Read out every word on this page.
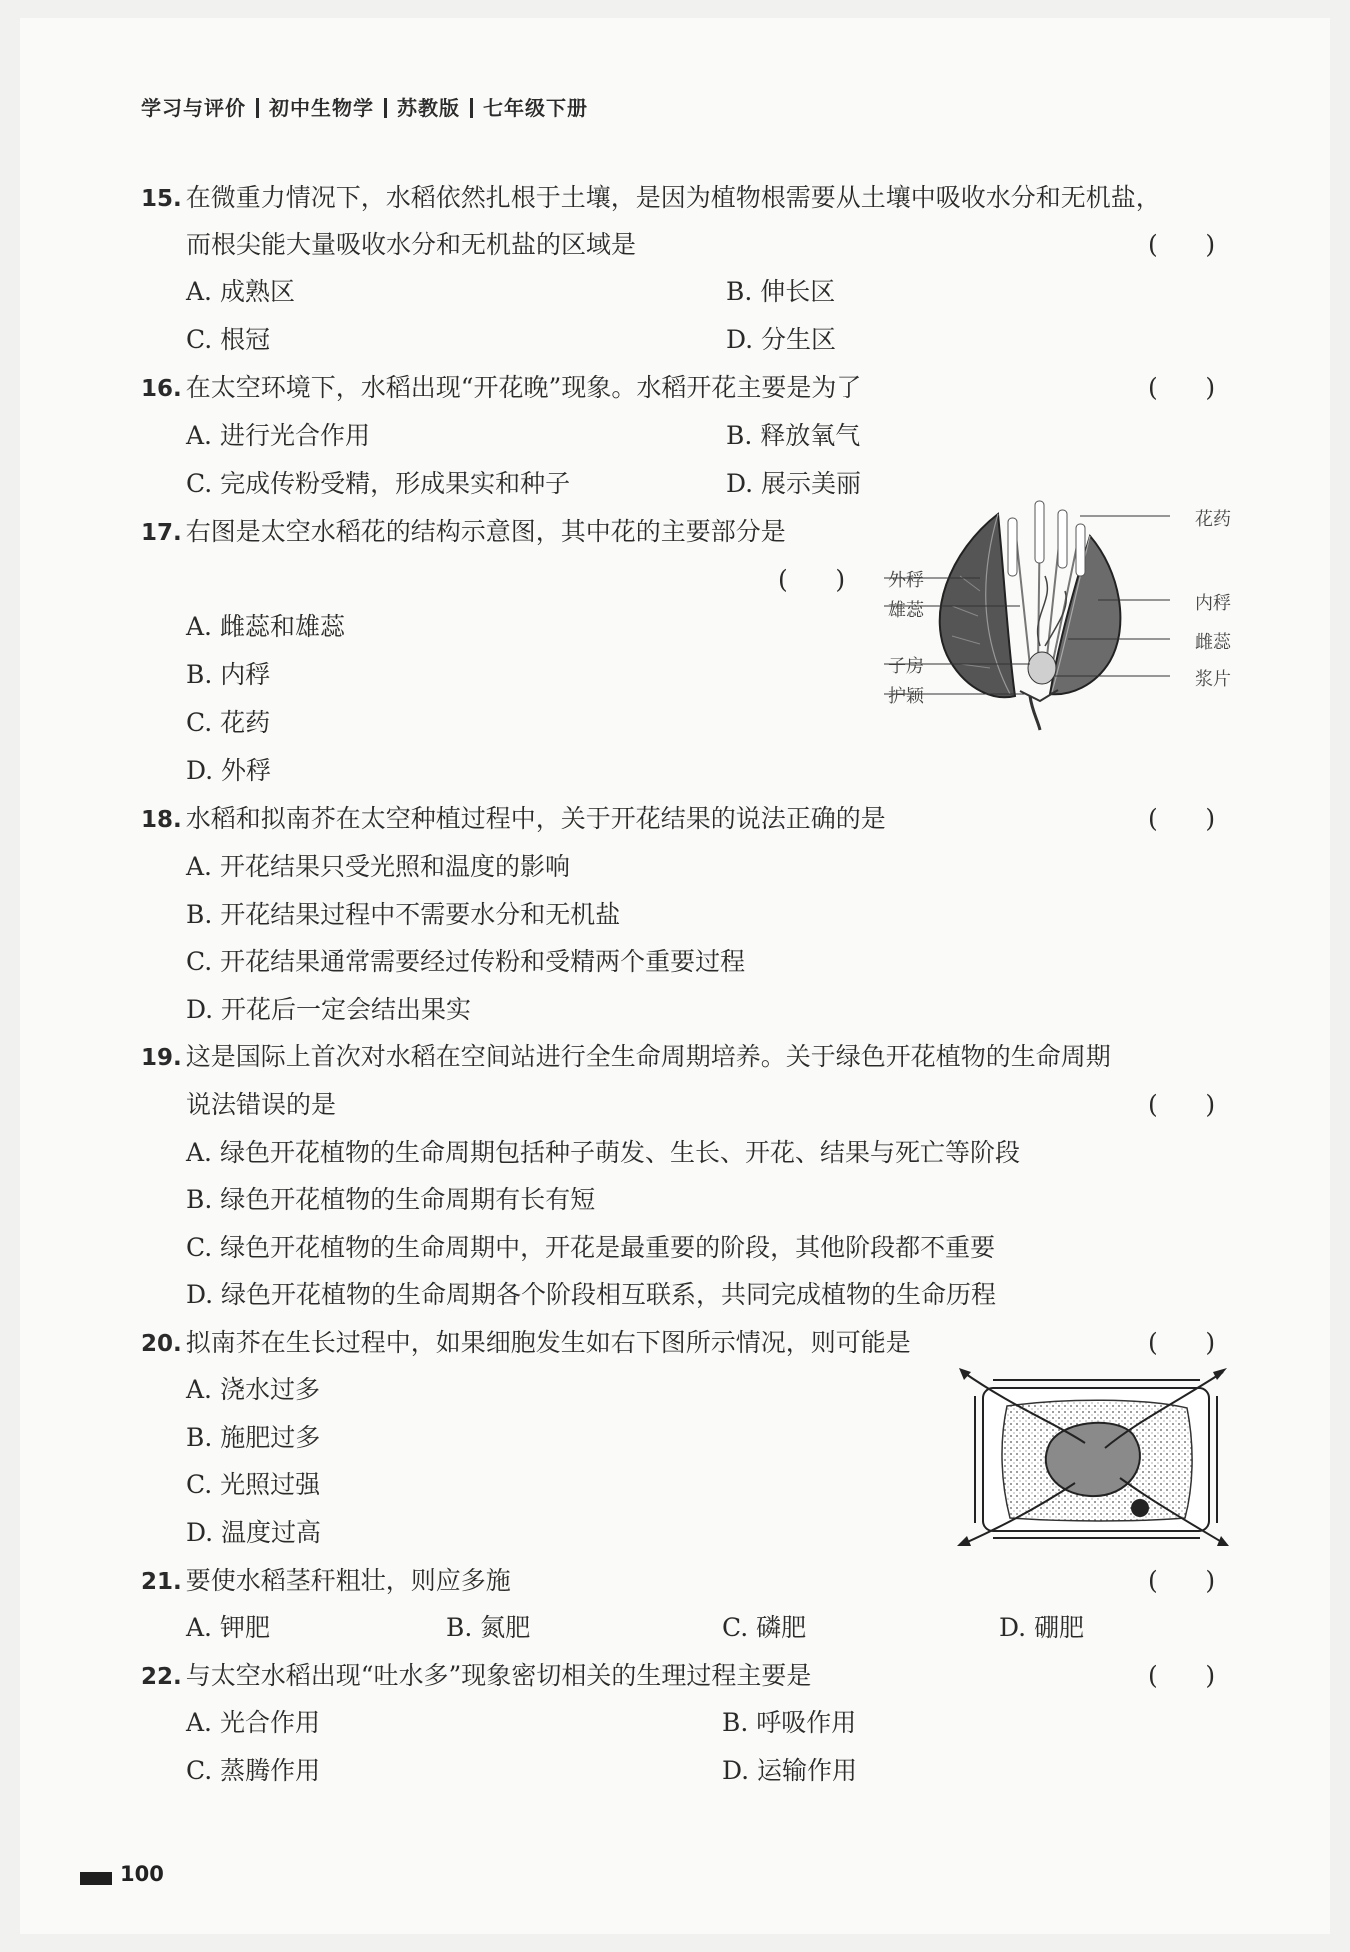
学习与评价 初中生物学 苏教版 七年级下册
15. 在微重力情况下，水稻依然扎根于土壤，是因为植物根需要从土壤中吸收水分和无机盐，
而根尖能大量吸收水分和无机盐的区域是	(      )
A. 成熟区	B. 伸长区
C. 根冠	D. 分生区
16. 在太空环境下，水稻出现“开花晚”现象。水稻开花主要是为了	(      )
A. 进行光合作用	B. 释放氧气
C. 完成传粉受精，形成果实和种子	D. 展示美丽
17. 右图是太空水稻花的结构示意图，其中花的主要部分是
(      )
A. 雌蕊和雄蕊
B. 内稃
C. 花药
D. 外稃
花药
外稃
雄蕊	内稃
雌蕊
子房
浆片
护颖
18. 水稻和拟南芥在太空种植过程中，关于开花结果的说法正确的是	(      )
A. 开花结果只受光照和温度的影响
B. 开花结果过程中不需要水分和无机盐
C. 开花结果通常需要经过传粉和受精两个重要过程
D. 开花后一定会结出果实
19. 这是国际上首次对水稻在空间站进行全生命周期培养。关于绿色开花植物的生命周期
说法错误的是	(      )
A. 绿色开花植物的生命周期包括种子萌发、生长、开花、结果与死亡等阶段
B. 绿色开花植物的生命周期有长有短
C. 绿色开花植物的生命周期中，开花是最重要的阶段，其他阶段都不重要
D. 绿色开花植物的生命周期各个阶段相互联系，共同完成植物的生命历程
20. 拟南芥在生长过程中，如果细胞发生如右下图所示情况，则可能是	(      )
A. 浇水过多
B. 施肥过多
C. 光照过强
D. 温度过高
21. 要使水稻茎秆粗壮，则应多施	(      )
A. 钾肥	B. 氮肥	C. 磷肥	D. 硼肥
22. 与太空水稻出现“吐水多”现象密切相关的生理过程主要是	(      )
A. 光合作用	B. 呼吸作用
C. 蒸腾作用	D. 运输作用
100
